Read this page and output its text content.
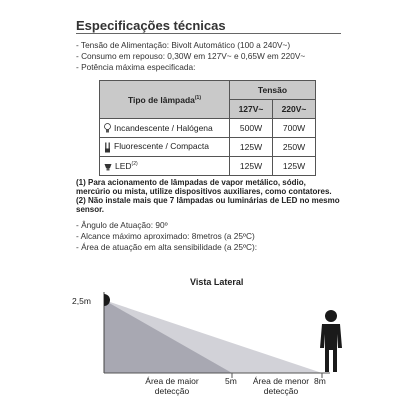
Especificações técnicas
- Tensão de Alimentação: Bivolt Automático (100 a 240V~)
- Consumo em repouso: 0,30W em 127V~ e 0,65W em 220V~
- Potência máxima especificada:
Tipo de lâmpada$^{(1)}$	Tensão	
	127V~	220V~
Incandescente / Halógena	500W	700W
Fluorescente / Compacta	125W	250W
LED$^{(2)}$	125W	125W
(1) Para acionamento de lâmpadas de vapor metálico, sódio,
mercúrio ou mista, utilize dispositivos auxiliares, como contatores.
(2) Não instale mais que 7 lâmpadas ou luminárias de LED no mesmo
sensor.
- Ângulo de Atuação: 90º
- Alcance máximo aproximado: 8metros (a 25ºC)
- Área de atuação em alta sensibilidade (a 25ºC):
Vista Lateral
2,5m
Área de maior
detecção
5m	Área de menor
detecção
8m
